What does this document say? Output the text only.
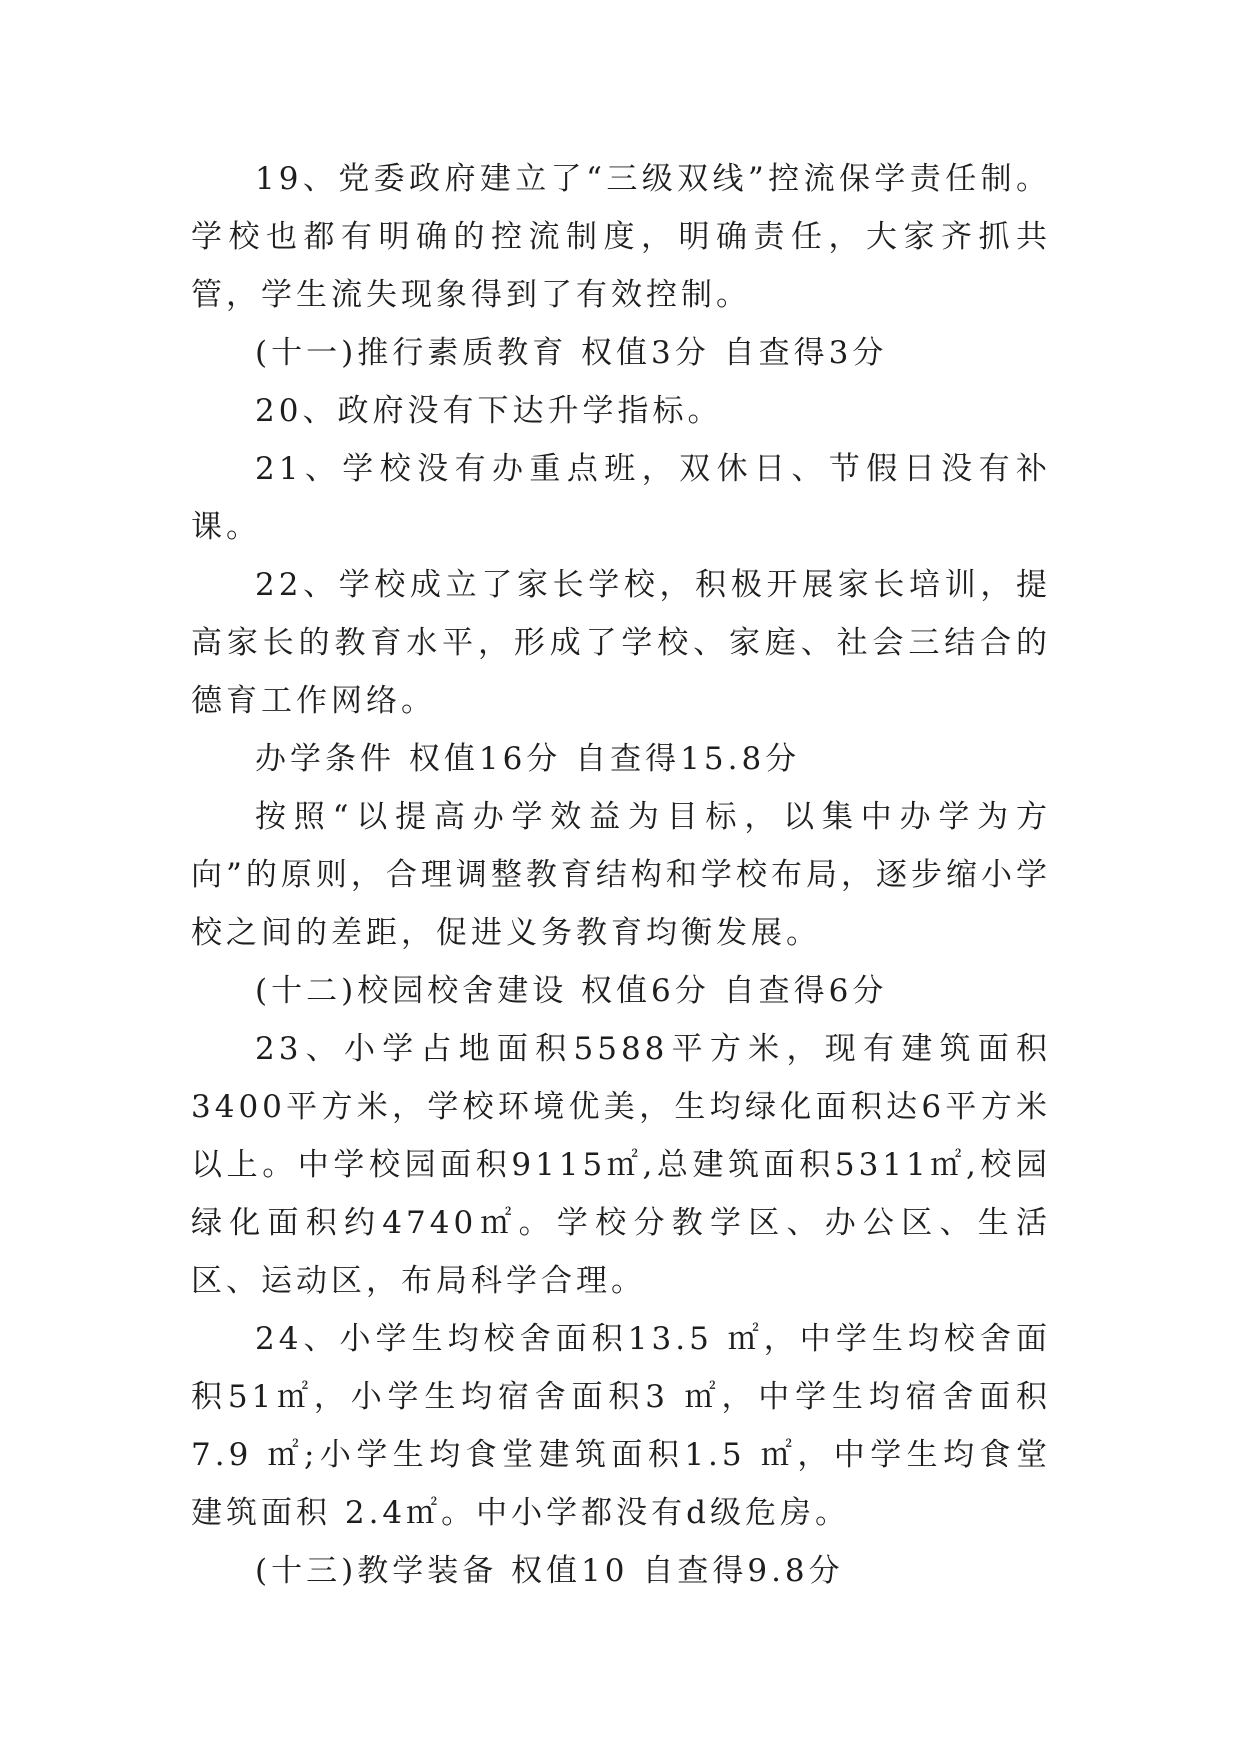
19、党委政府建立了“三级双线”控流保学责任制。学校也都有明确的控流制度，明确责任，大家齐抓共管，学生流失现象得到了有效控制。

(十一)推行素质教育 权值3分 自查得3分

20、政府没有下达升学指标。

21、学校没有办重点班，双休日、节假日没有补课。

22、学校成立了家长学校，积极开展家长培训，提高家长的教育水平，形成了学校、家庭、社会三结合的德育工作网络。

办学条件 权值16分 自查得15.8分

按照“以提高办学效益为目标，以集中办学为方向”的原则，合理调整教育结构和学校布局，逐步缩小学校之间的差距，促进义务教育均衡发展。

(十二)校园校舍建设 权值6分 自查得6分

23、小学占地面积5588平方米，现有建筑面积3400平方米，学校环境优美，生均绿化面积达6平方米以上。中学校园面积9115㎡,总建筑面积5311㎡,校园绿化面积约4740㎡。学校分教学区、办公区、生活区、运动区，布局科学合理。

24、小学生均校舍面积13.5 ㎡，中学生均校舍面积51㎡，小学生均宿舍面积3 ㎡，中学生均宿舍面积7.9 ㎡;小学生均食堂建筑面积1.5 ㎡，中学生均食堂建筑面积 2.4㎡。中小学都没有d级危房。

(十三)教学装备 权值10 自查得9.8分
